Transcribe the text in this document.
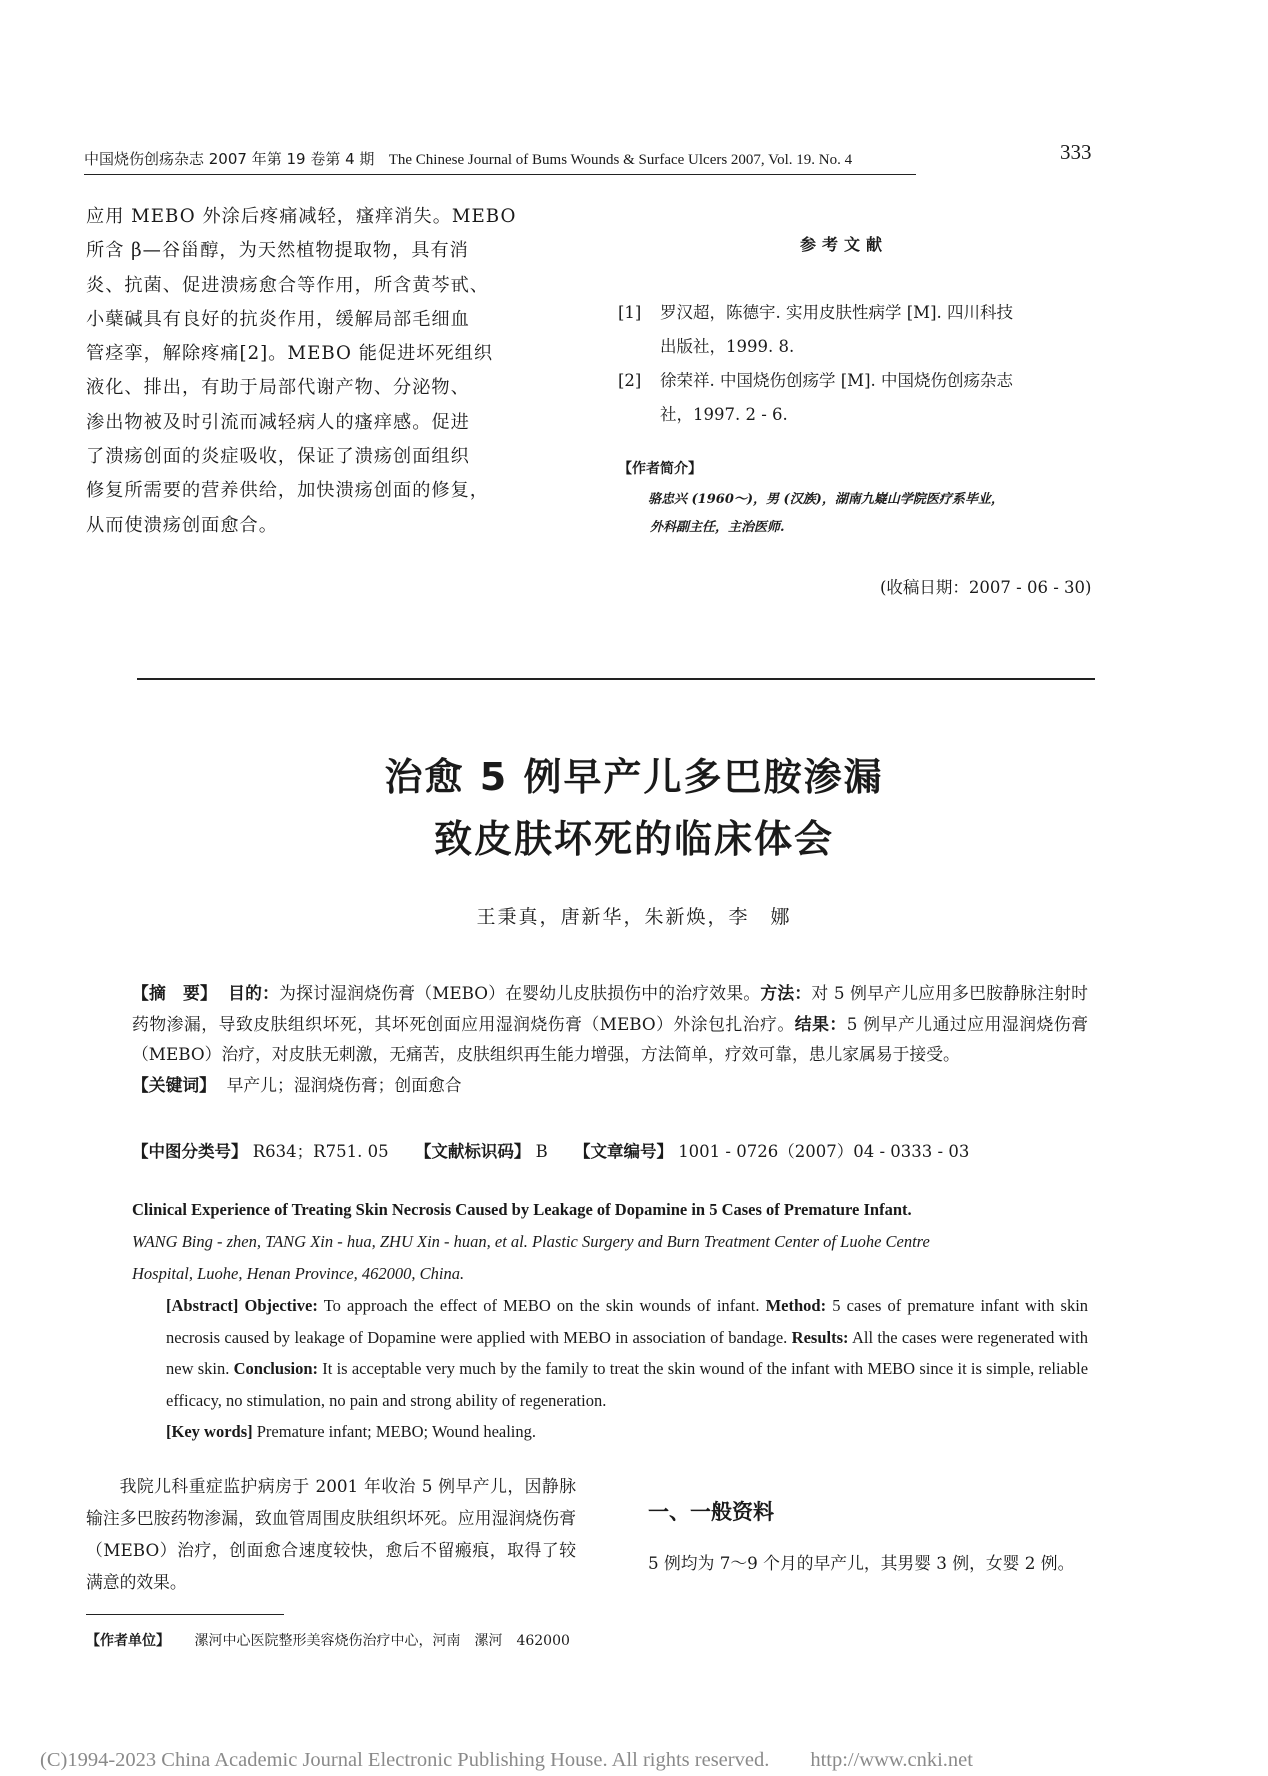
中国烧伤创疡杂志 2007 年第 19 卷第 4 期 The Chinese Journal of Bums Wounds & Surface Ulcers 2007, Vol. 19. No. 4	333

应用 MEBO 外涂后疼痛减轻，瘙痒消失。MEBO

所含 β—谷甾醇，为天然植物提取物，具有消

炎、抗菌、促进溃疡愈合等作用，所含黄芩甙、

小蘖碱具有良好的抗炎作用，缓解局部毛细血

管痉挛，解除疼痛[2]。MEBO 能促进坏死组织

液化、排出，有助于局部代谢产物、分泌物、

渗出物被及时引流而减轻病人的瘙痒感。促进

了溃疡创面的炎症吸收，保证了溃疡创面组织

修复所需要的营养供给，加快溃疡创面的修复，

从而使溃疡创面愈合。

参考文献
[1] 罗汉超，陈德宇. 实用皮肤性病学 [M]. 四川科技
出版社，1999. 8.
[2] 徐荣祥. 中国烧伤创疡学 [M]. 中国烧伤创疡杂志
社，1997. 2 - 6.
【作者简介】
骆忠兴 (1960～)，男 (汉族)，湖南九嶷山学院医疗系毕业，
外科副主任，主治医师.
(收稿日期：2007 - 06 - 30)
治愈 5 例早产儿多巴胺渗漏
致皮肤坏死的临床体会
王秉真，唐新华，朱新焕，李　娜

【摘　要】 目的：为探讨湿润烧伤膏（MEBO）在婴幼儿皮肤损伤中的治疗效果。方法：对 5 例早产儿应用多巴胺静脉注射时药物渗漏，导致皮肤组织坏死，其坏死创面应用湿润烧伤膏（MEBO）外涂包扎治疗。结果：5 例早产儿通过应用湿润烧伤膏（MEBO）治疗，对皮肤无刺激，无痛苦，皮肤组织再生能力增强，方法简单，疗效可靠，患儿家属易于接受。

【关键词】 早产儿；湿润烧伤膏；创面愈合

【中图分类号】 R634；R751. 05 【文献标识码】 B 【文章编号】 1001 - 0726（2007）04 - 0333 - 03
Clinical Experience of Treating Skin Necrosis Caused by Leakage of Dopamine in 5 Cases of Premature Infant.

WANG Bing - zhen, TANG Xin - hua, ZHU Xin - huan, et al. Plastic Surgery and Burn Treatment Center of Luohe Centre

Hospital, Luohe, Henan Province, 462000, China.

[Abstract] Objective: To approach the effect of MEBO on the skin wounds of infant. Method: 5 cases of premature infant with skin necrosis caused by leakage of Dopamine were applied with MEBO in association of bandage. Results: All the cases were regenerated with new skin. Conclusion: It is acceptable very much by the family to treat the skin wound of the infant with MEBO since it is simple, reliable efficacy, no stimulation, no pain and strong ability of regeneration.

[Key words] Premature infant; MEBO; Wound healing.

我院儿科重症监护病房于 2001 年收治 5 例早产儿，因静脉输注多巴胺药物渗漏，致血管周围皮肤组织坏死。应用湿润烧伤膏（MEBO）治疗，创面愈合速度较快，愈后不留瘢痕，取得了较满意的效果。

一、一般资料
5 例均为 7～9 个月的早产儿，其男婴 3 例，女婴 2 例。
【作者单位】 漯河中心医院整形美容烧伤治疗中心，河南　漯河　462000
(C)1994-2023 China Academic Journal Electronic Publishing House. All rights reserved.　　http://www.cnki.net
